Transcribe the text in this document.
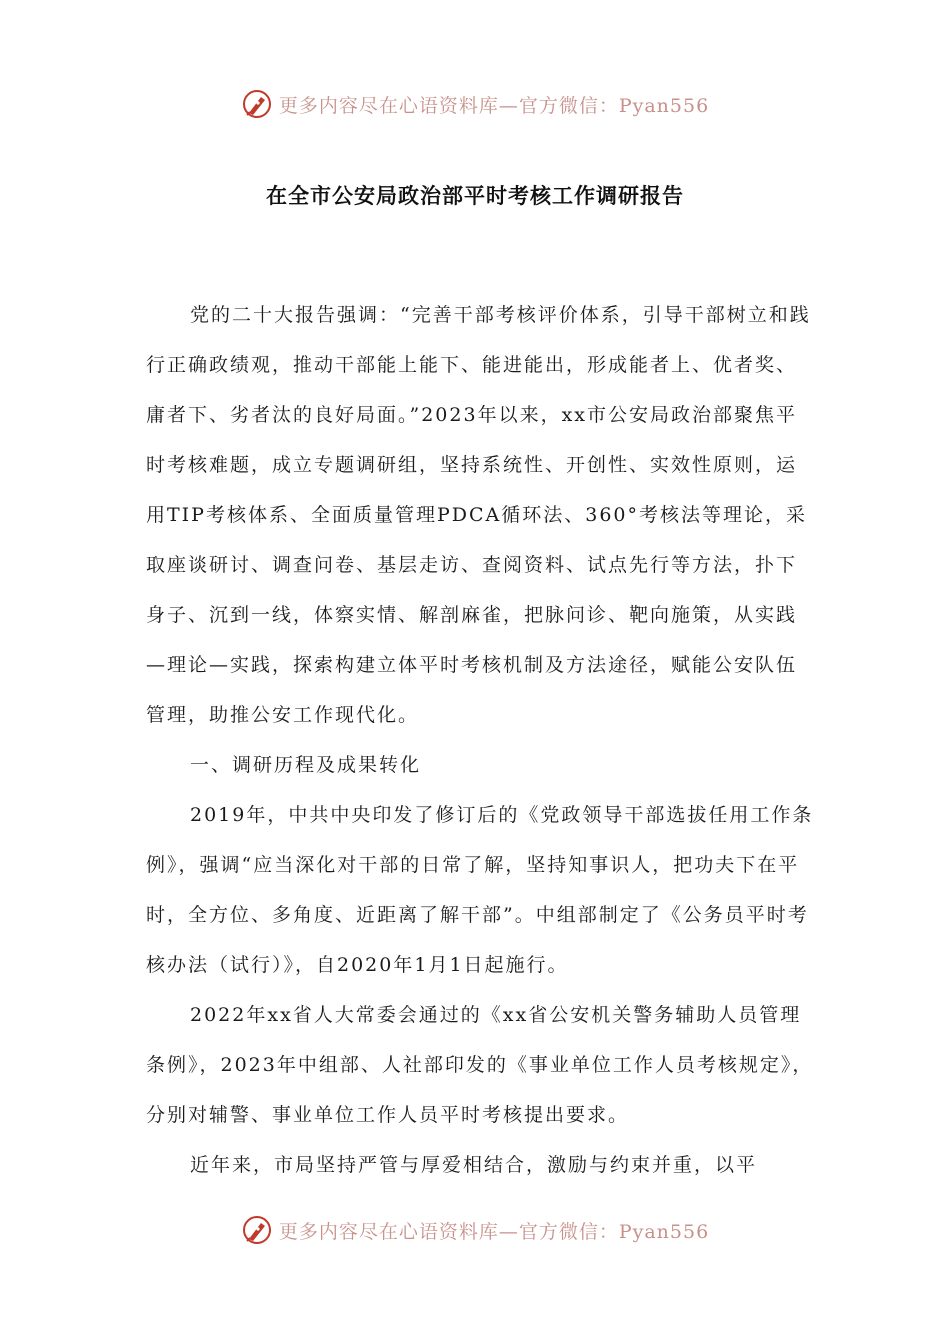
更多内容尽在心语资料库—官方微信：Pyan556
在全市公安局政治部平时考核工作调研报告

党的二十大报告强调：“完善干部考核评价体系，引导干部树立和践行正确政绩观，推动干部能上能下、能进能出，形成能者上、优者奖、庸者下、劣者汰的良好局面。”2023年以来，xx市公安局政治部聚焦平时考核难题，成立专题调研组，坚持系统性、开创性、实效性原则，运用TIP考核体系、全面质量管理PDCA循环法、360°考核法等理论，采取座谈研讨、调查问卷、基层走访、查阅资料、试点先行等方法，扑下身子、沉到一线，体察实情、解剖麻雀，把脉问诊、靶向施策，从实践—理论—实践，探索构建立体平时考核机制及方法途径，赋能公安队伍管理，助推公安工作现代化。

一、调研历程及成果转化

2019年，中共中央印发了修订后的《党政领导干部选拔任用工作条例》，强调“应当深化对干部的日常了解，坚持知事识人，把功夫下在平时，全方位、多角度、近距离了解干部”。中组部制定了《公务员平时考核办法（试行）》，自2020年1月1日起施行。

2022年xx省人大常委会通过的《xx省公安机关警务辅助人员管理条例》，2023年中组部、人社部印发的《事业单位工作人员考核规定》，分别对辅警、事业单位工作人员平时考核提出要求。

近年来，市局坚持严管与厚爱相结合，激励与约束并重，以平

更多内容尽在心语资料库—官方微信：Pyan556
